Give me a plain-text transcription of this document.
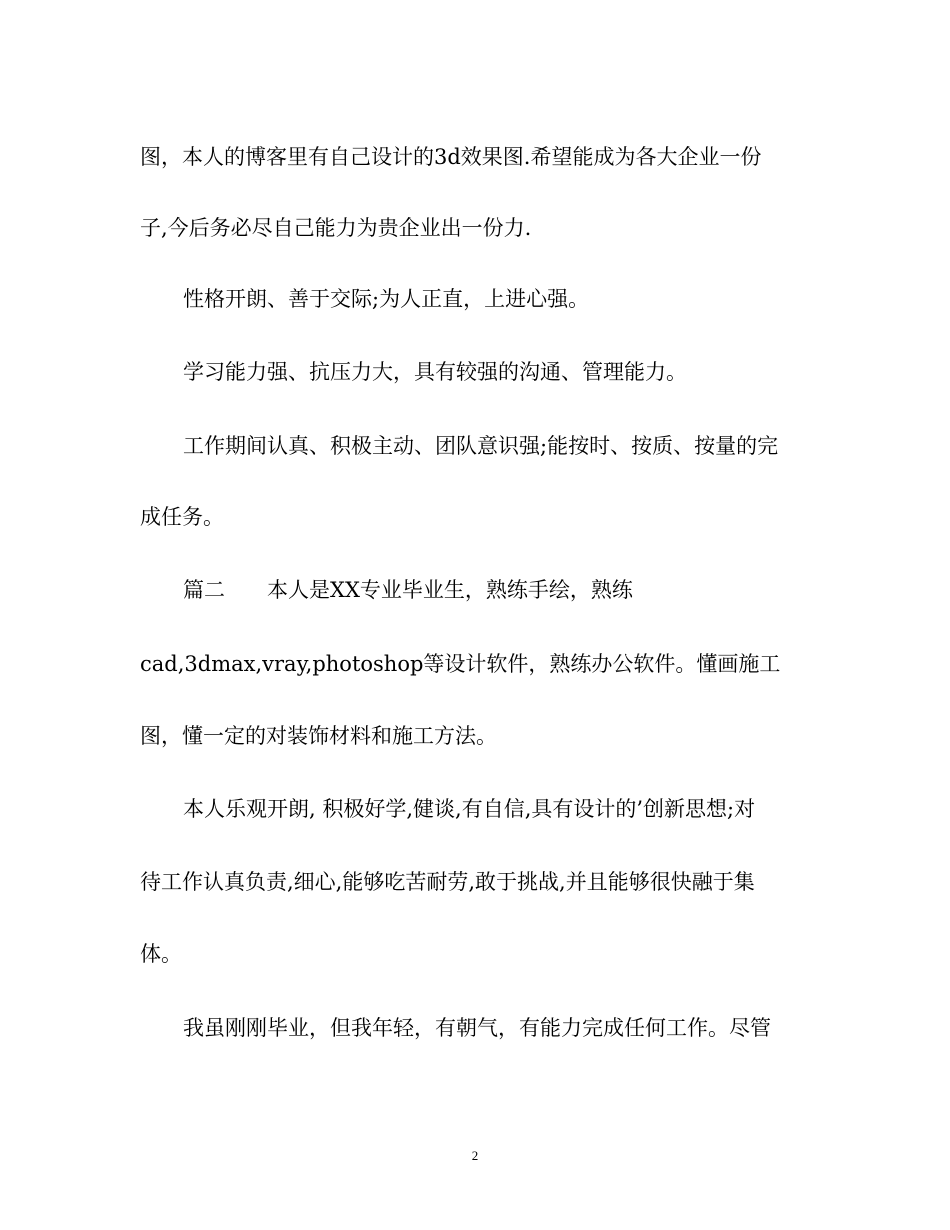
图，本人的博客里有自己设计的3d效果图.希望能成为各大企业一份
子,今后务必尽自己能力为贵企业出一份力.
性格开朗、善于交际;为人正直，上进心强。
学习能力强、抗压力大，具有较强的沟通、管理能力。
工作期间认真、积极主动、团队意识强;能按时、按质、按量的完
成任务。
篇二　　本人是XX专业毕业生，熟练手绘，熟练
cad,3dmax,vray,photoshop等设计软件，熟练办公软件。懂画施工
图，懂一定的对装饰材料和施工方法。
本人乐观开朗, 积极好学,健谈,有自信,具有设计的’创新思想;对
待工作认真负责,细心,能够吃苦耐劳,敢于挑战,并且能够很快融于集
体。
我虽刚刚毕业，但我年轻，有朝气，有能力完成任何工作。尽管
2
